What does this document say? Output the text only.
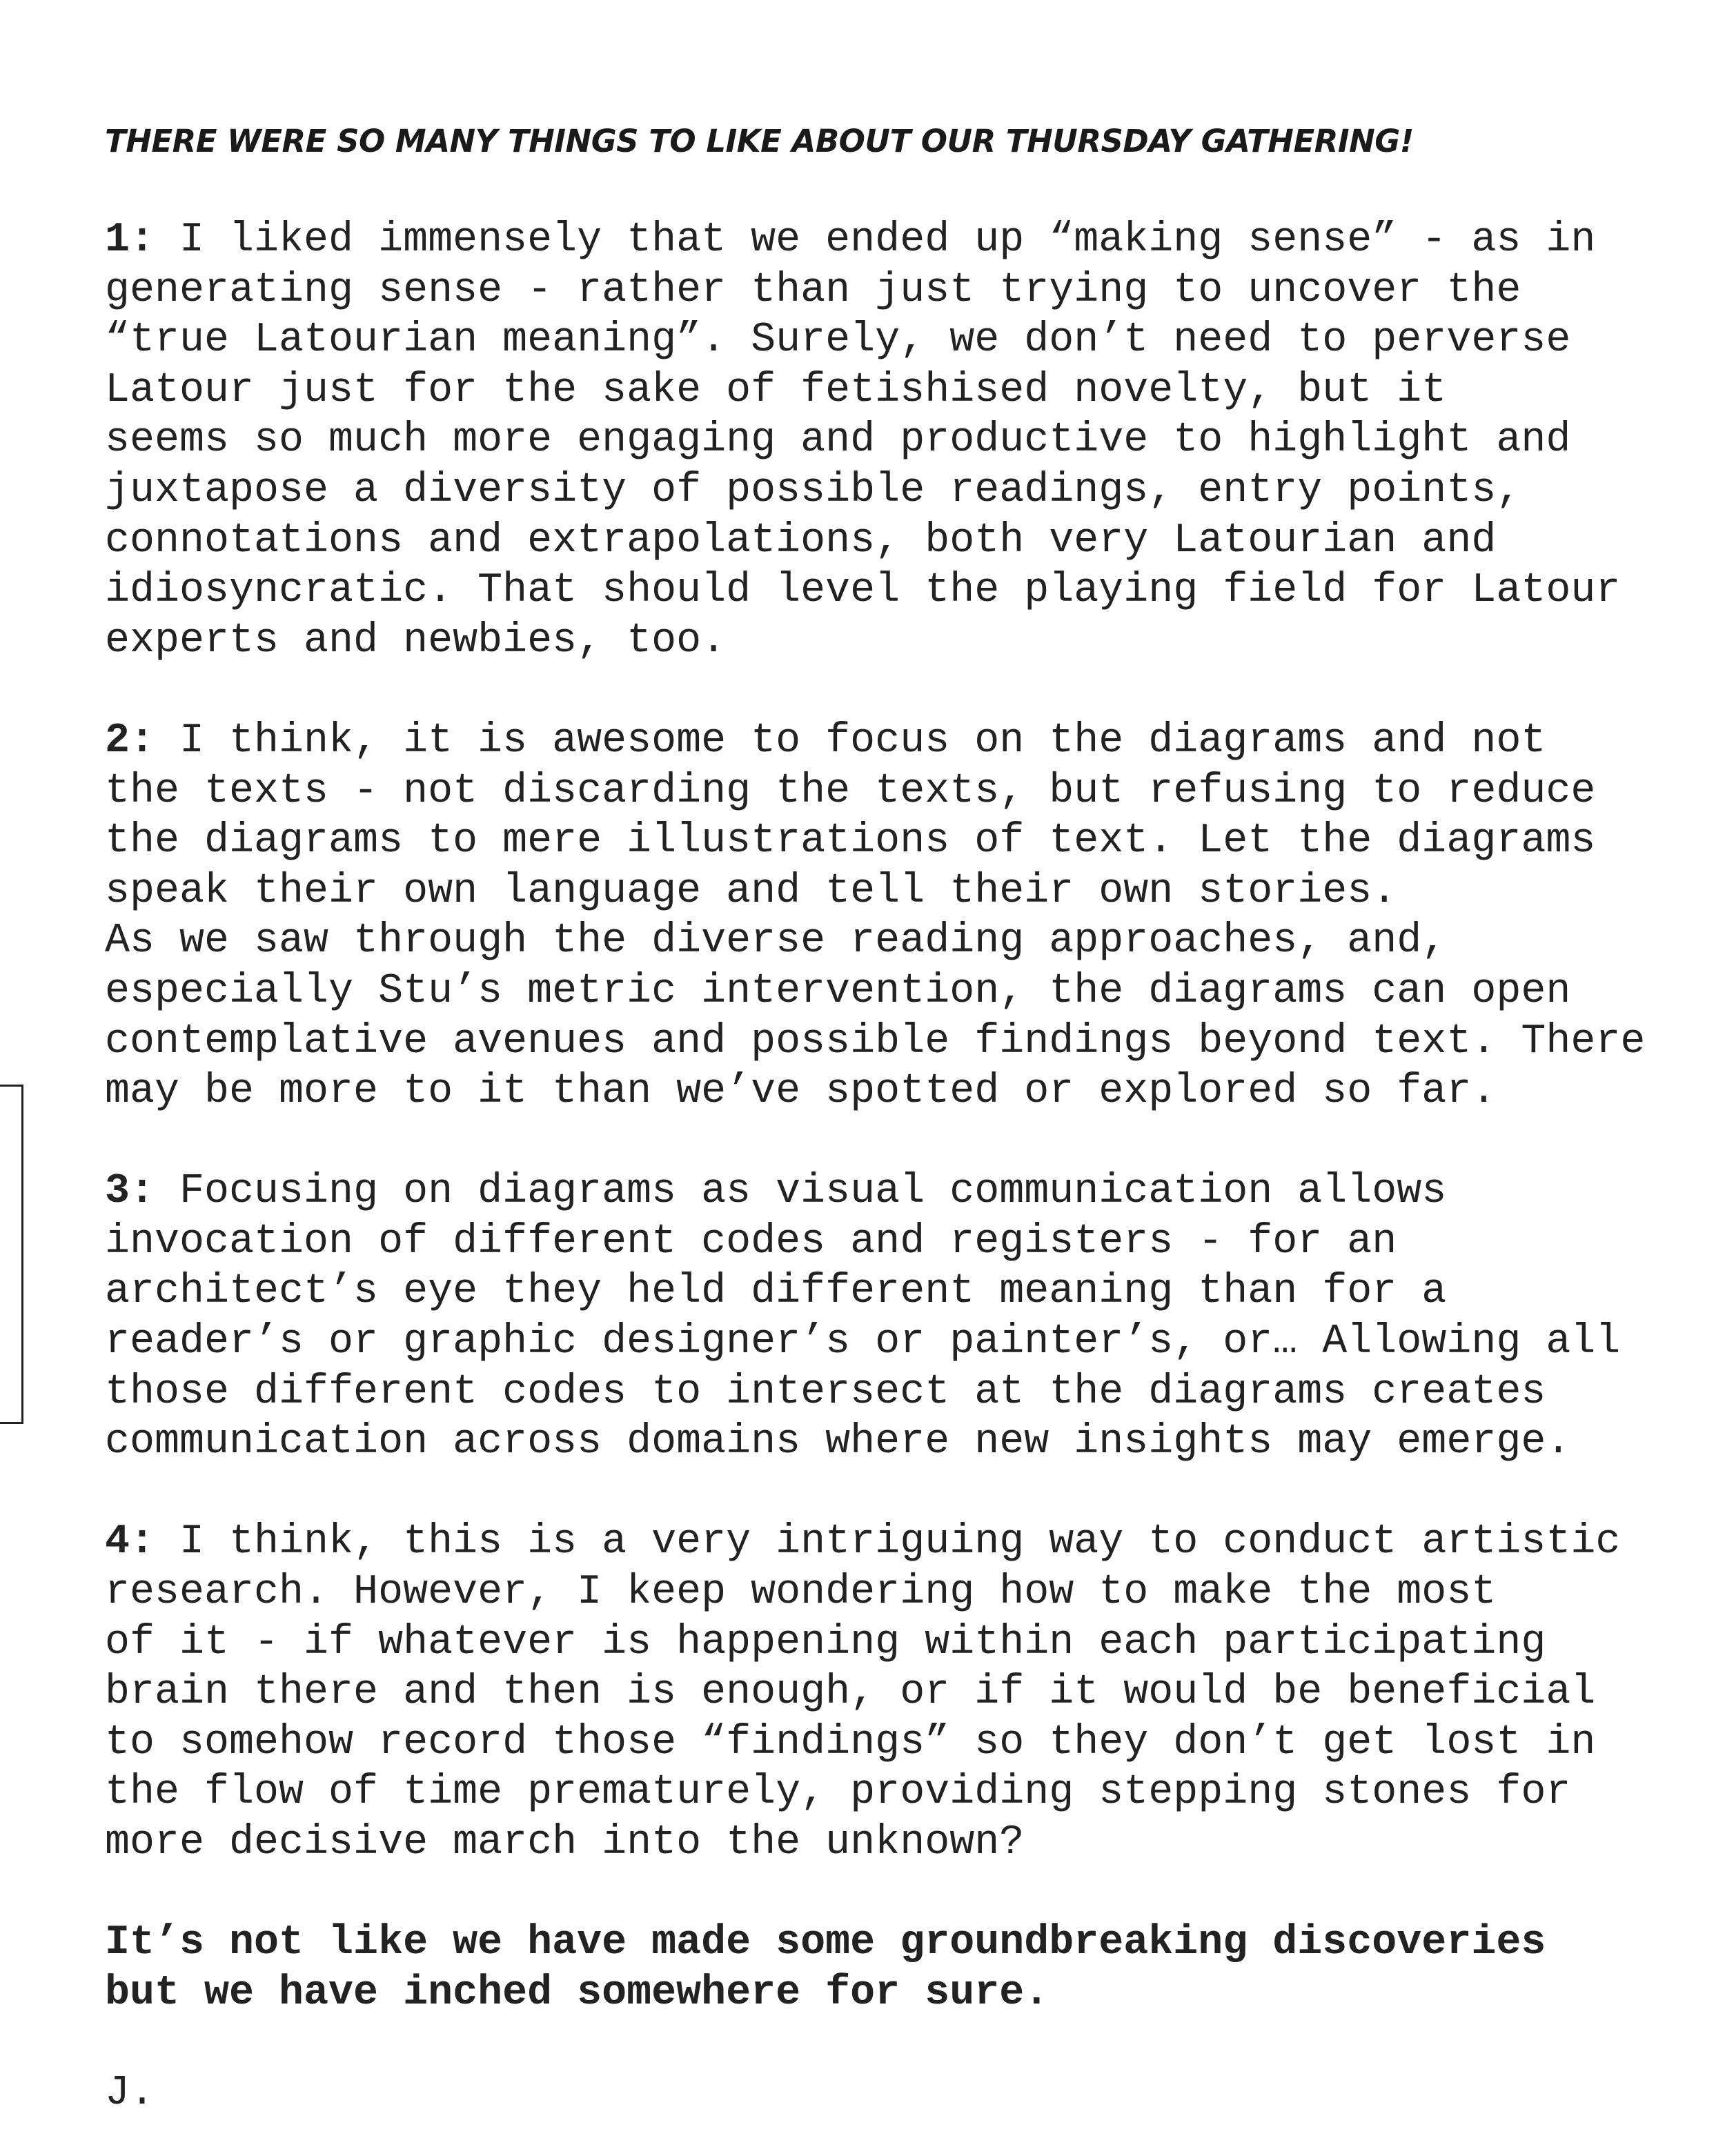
THERE WERE SO MANY THINGS TO LIKE ABOUT OUR THURSDAY GATHERING!

1: I liked immensely that we ended up “making sense” - as in
generating sense - rather than just trying to uncover the
“true Latourian meaning”. Surely, we don’t need to perverse
Latour just for the sake of fetishised novelty, but it
seems so much more engaging and productive to highlight and
juxtapose a diversity of possible readings, entry points,
connotations and extrapolations, both very Latourian and
idiosyncratic. That should level the playing field for Latour
experts and newbies, too.

2: I think, it is awesome to focus on the diagrams and not
the texts - not discarding the texts, but refusing to reduce
the diagrams to mere illustrations of text. Let the diagrams
speak their own language and tell their own stories.
As we saw through the diverse reading approaches, and,
especially Stu’s metric intervention, the diagrams can open
contemplative avenues and possible findings beyond text. There
may be more to it than we’ve spotted or explored so far.

3: Focusing on diagrams as visual communication allows
invocation of different codes and registers - for an
architect’s eye they held different meaning than for a
reader’s or graphic designer’s or painter’s, or… Allowing all
those different codes to intersect at the diagrams creates
communication across domains where new insights may emerge.

4: I think, this is a very intriguing way to conduct artistic
research. However, I keep wondering how to make the most
of it - if whatever is happening within each participating
brain there and then is enough, or if it would be beneficial
to somehow record those “findings” so they don’t get lost in
the flow of time prematurely, providing stepping stones for
more decisive march into the unknown?

It’s not like we have made some groundbreaking discoveries
but we have inched somewhere for sure.

J.
